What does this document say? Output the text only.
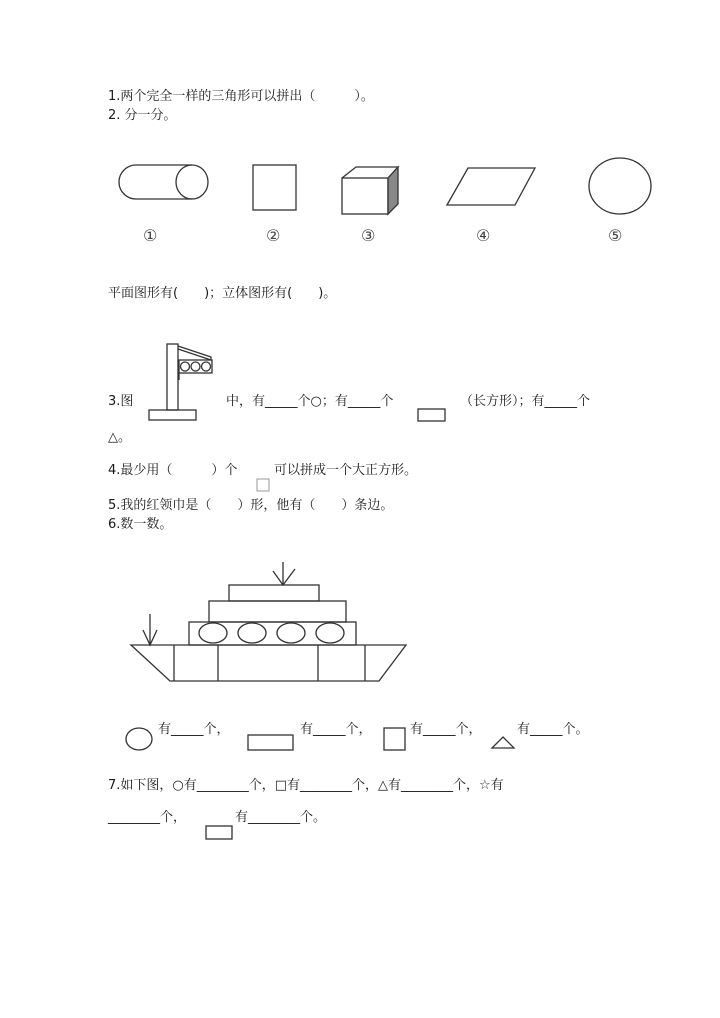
1.两个完全一样的三角形可以拼出（　　　）。
2. 分一分。
①	②	③	④	⑤
平面图形有(　　)；立体图形有(　　)。
3.图	中，有_____个○；有_____个	（长方形）；有_____个
△。
4.最少用（　　　）个	可以拼成一个大正方形。
5.我的红领巾是（　　）形，他有（　　）条边。
6.数一数。
有_____个，	有_____个，	有_____个，	有_____个。
7.如下图，○有________个，□有________个，△有________个，☆有
________个，	有________个。
